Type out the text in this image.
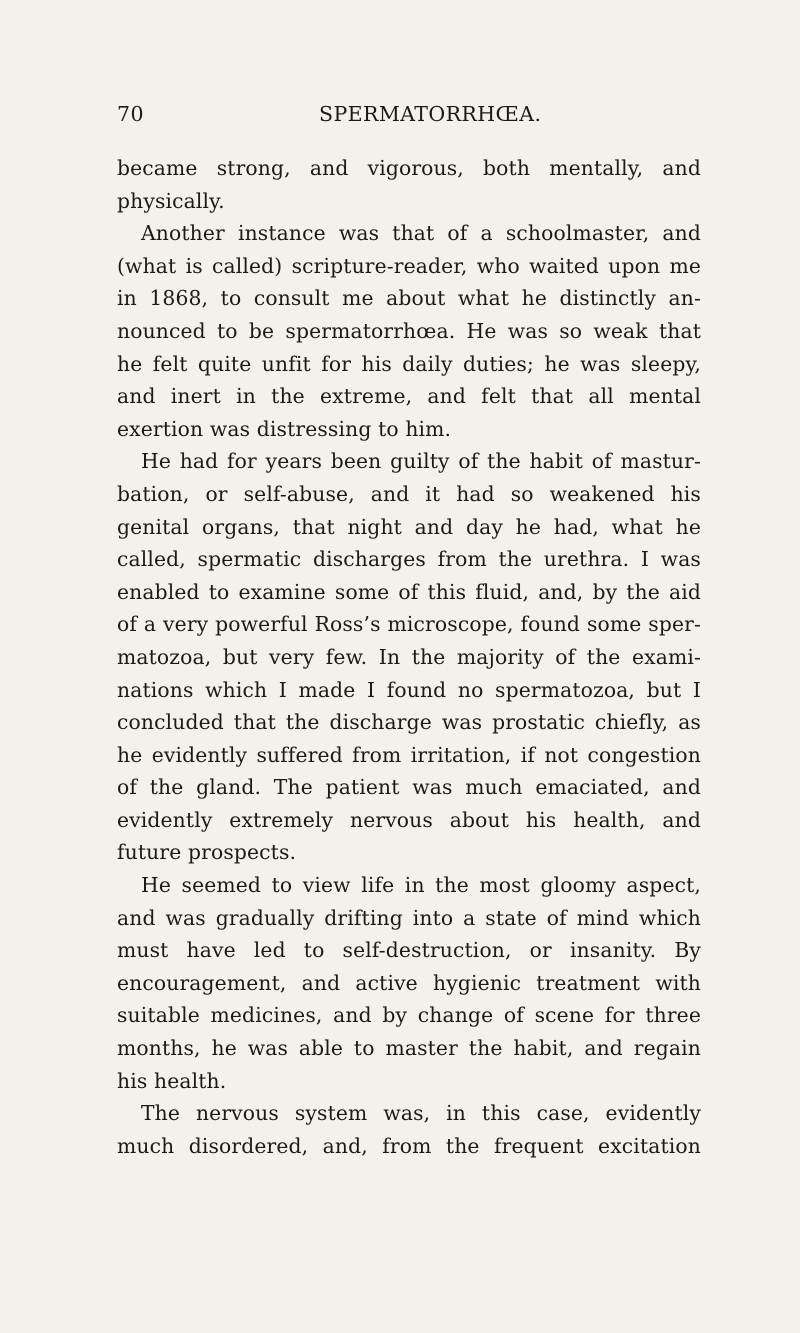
70	SPERMATORRHŒA.
became strong, and vigorous, both mentally, and
physically.
Another instance was that of a schoolmaster, and
(what is called) scripture-reader, who waited upon me
in 1868, to consult me about what he distinctly an-
nounced to be spermatorrhœa. He was so weak that
he felt quite unfit for his daily duties; he was sleepy,
and inert in the extreme, and felt that all mental
exertion was distressing to him.
He had for years been guilty of the habit of mastur-
bation, or self-abuse, and it had so weakened his
genital organs, that night and day he had, what he
called, spermatic discharges from the urethra. I was
enabled to examine some of this fluid, and, by the aid
of a very powerful Ross’s microscope, found some sper-
matozoa, but very few. In the majority of the exami-
nations which I made I found no spermatozoa, but I
concluded that the discharge was prostatic chiefly, as
he evidently suffered from irritation, if not congestion
of the gland. The patient was much emaciated, and
evidently extremely nervous about his health, and
future prospects.
He seemed to view life in the most gloomy aspect,
and was gradually drifting into a state of mind which
must have led to self-destruction, or insanity. By
encouragement, and active hygienic treatment with
suitable medicines, and by change of scene for three
months, he was able to master the habit, and regain
his health.
The nervous system was, in this case, evidently
much disordered, and, from the frequent excitation
